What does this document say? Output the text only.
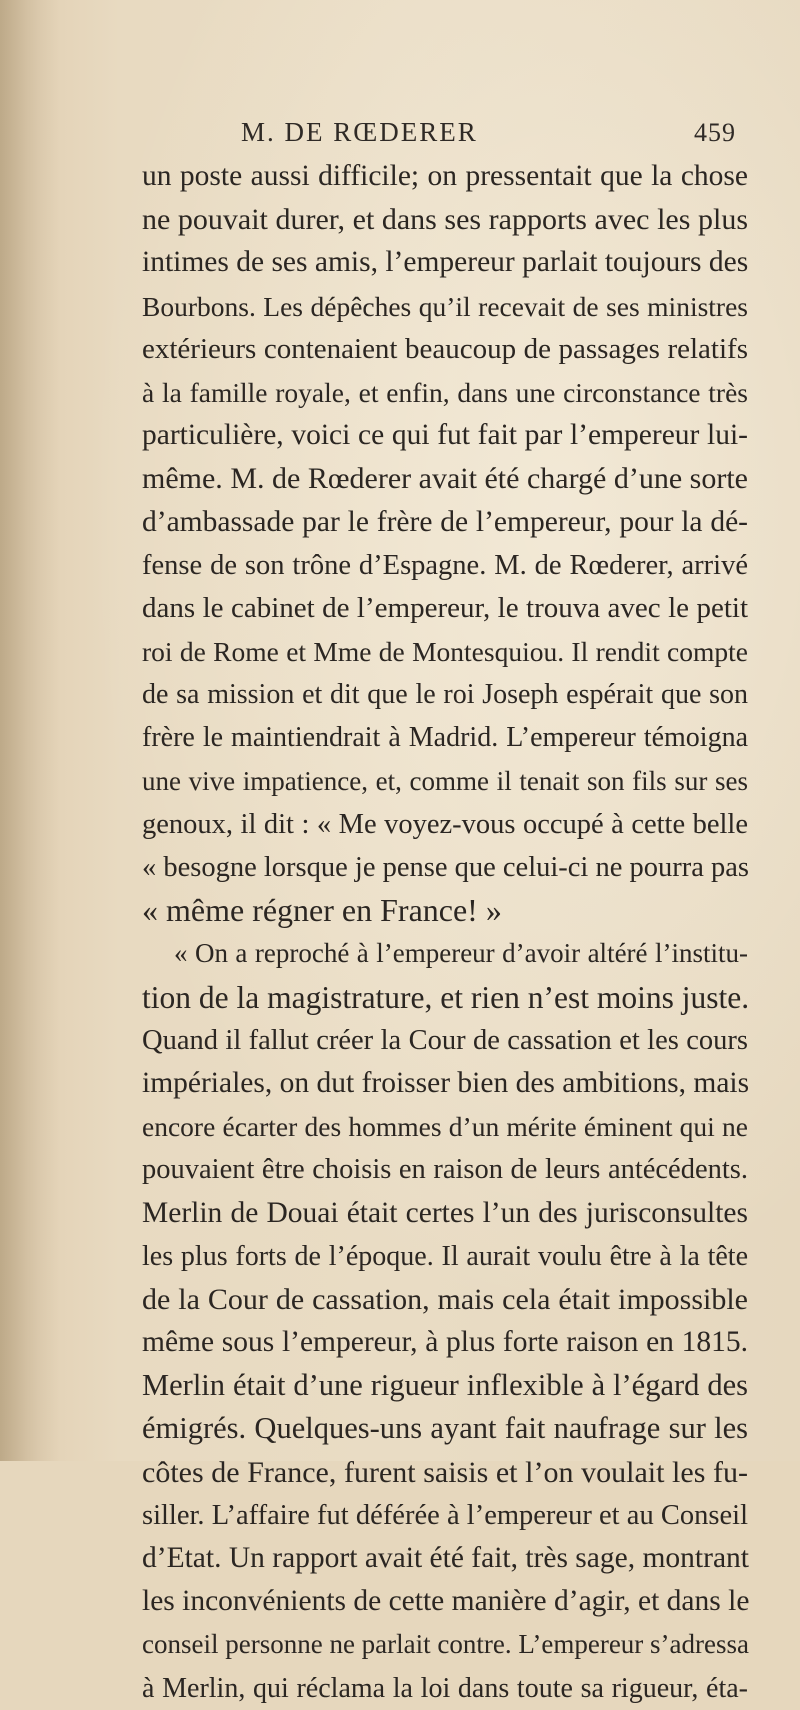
M. DE RŒDERER	459
un poste aussi difficile; on pressentait que la chose
ne pouvait durer, et dans ses rapports avec les plus
intimes de ses amis, l’empereur parlait toujours des
Bourbons. Les dépêches qu’il recevait de ses ministres
extérieurs contenaient beaucoup de passages relatifs
à la famille royale, et enfin, dans une circonstance très
particulière, voici ce qui fut fait par l’empereur lui-
même. M. de Rœderer avait été chargé d’une sorte
d’ambassade par le frère de l’empereur, pour la dé-
fense de son trône d’Espagne. M. de Rœderer, arrivé
dans le cabinet de l’empereur, le trouva avec le petit
roi de Rome et Mme de Montesquiou. Il rendit compte
de sa mission et dit que le roi Joseph espérait que son
frère le maintiendrait à Madrid. L’empereur témoigna
une vive impatience, et, comme il tenait son fils sur ses
genoux, il dit : « Me voyez-vous occupé à cette belle
« besogne lorsque je pense que celui-ci ne pourra pas
« même régner en France! »
« On a reproché à l’empereur d’avoir altéré l’institu-
tion de la magistrature, et rien n’est moins juste.
Quand il fallut créer la Cour de cassation et les cours
impériales, on dut froisser bien des ambitions, mais
encore écarter des hommes d’un mérite éminent qui ne
pouvaient être choisis en raison de leurs antécédents.
Merlin de Douai était certes l’un des jurisconsultes
les plus forts de l’époque. Il aurait voulu être à la tête
de la Cour de cassation, mais cela était impossible
même sous l’empereur, à plus forte raison en 1815.
Merlin était d’une rigueur inflexible à l’égard des
émigrés. Quelques-uns ayant fait naufrage sur les
côtes de France, furent saisis et l’on voulait les fu-
siller. L’affaire fut déférée à l’empereur et au Conseil
d’Etat. Un rapport avait été fait, très sage, montrant
les inconvénients de cette manière d’agir, et dans le
conseil personne ne parlait contre. L’empereur s’adressa
à Merlin, qui réclama la loi dans toute sa rigueur, éta-
